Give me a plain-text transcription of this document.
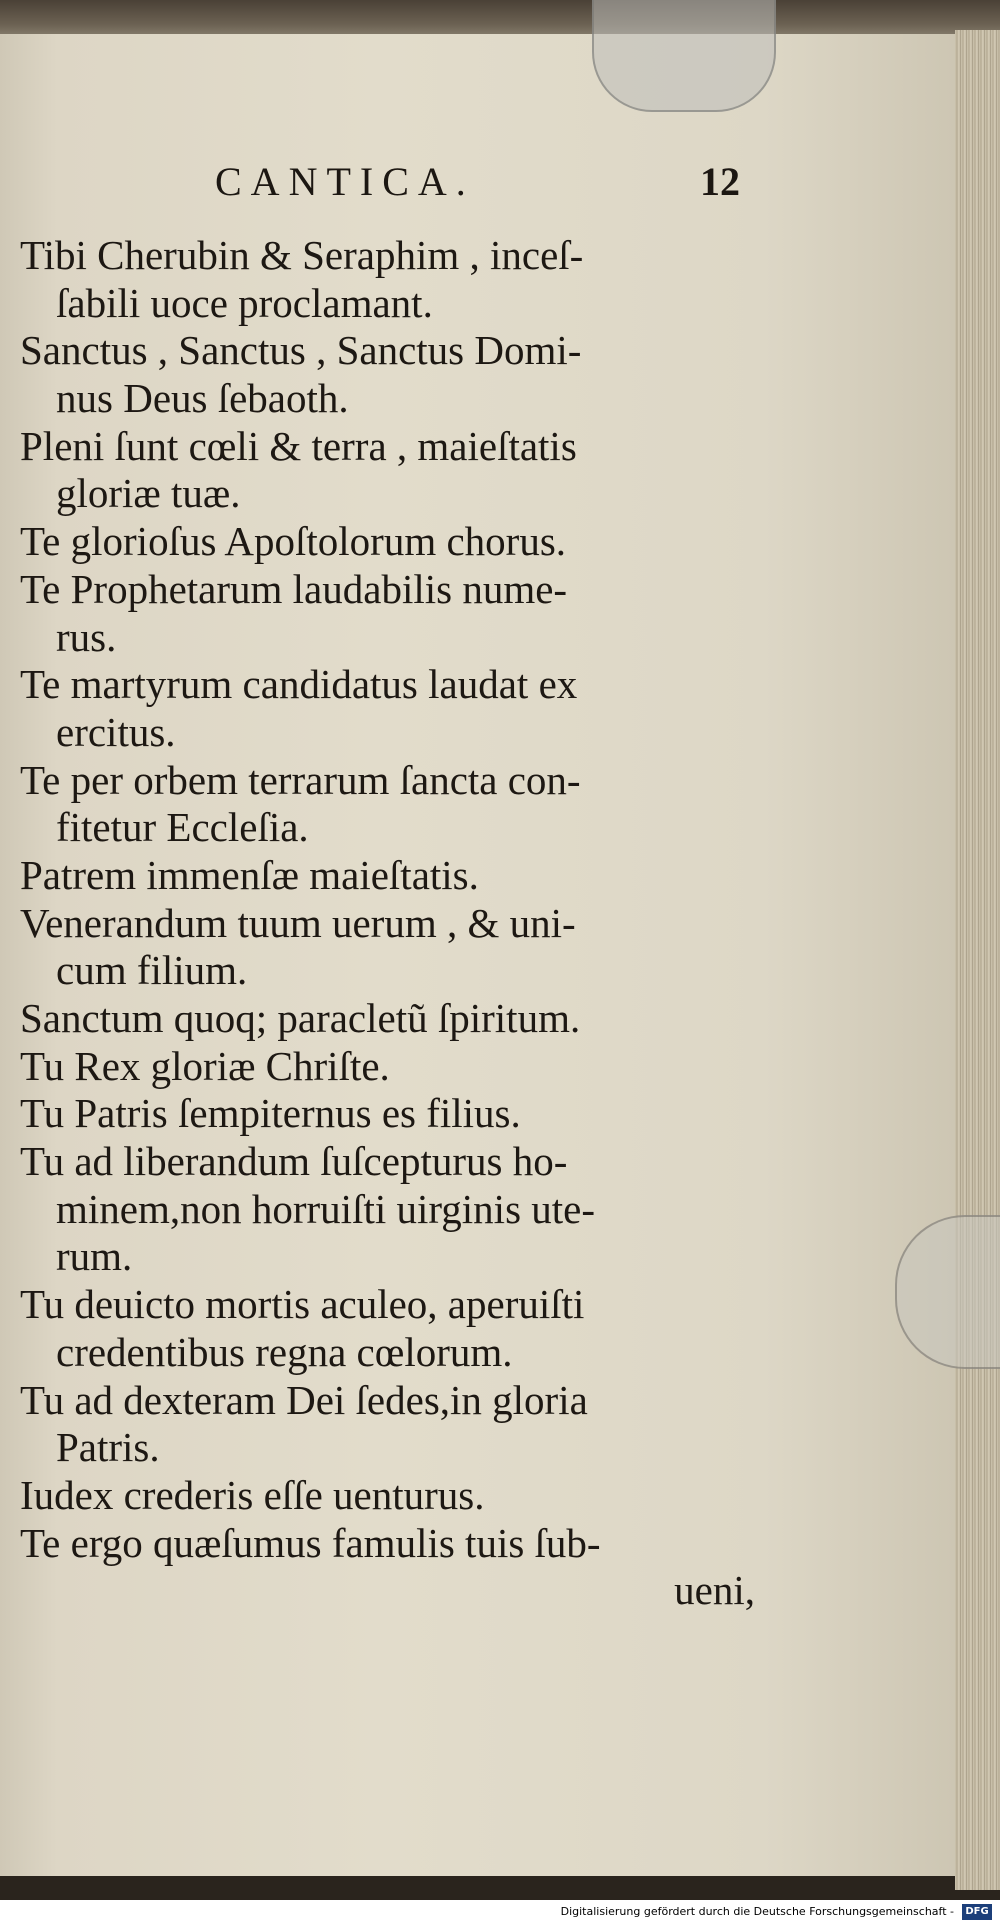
CANTICA.	12
Tibi Cherubin & Seraphim , inceſ-
ſabili uoce proclamant.
Sanctus , Sanctus , Sanctus Domi-
nus Deus ſebaoth.
Pleni ſunt cœli & terra , maieſtatis
gloriæ tuæ.
Te glorioſus Apoſtolorum chorus.
Te Prophetarum laudabilis nume-
rus.
Te martyrum candidatus laudat ex
ercitus.
Te per orbem terrarum ſancta con-
fitetur Eccleſia.
Patrem immenſæ maieſtatis.
Venerandum tuum uerum , & uni-
cum filium.
Sanctum quoq; paracletũ ſpiritum.
Tu Rex gloriæ Chriſte.
Tu Patris ſempiternus es filius.
Tu ad liberandum ſuſcepturus ho-
minem,non horruiſti uirginis ute-
rum.
Tu deuicto mortis aculeo, aperuiſti
credentibus regna cœlorum.
Tu ad dexteram Dei ſedes,in gloria
Patris.
Iudex crederis eſſe uenturus.
Te ergo quæſumus famulis tuis ſub-
ueni,
Digitalisierung gefördert durch die Deutsche Forschungsgemeinschaft -	DFG
